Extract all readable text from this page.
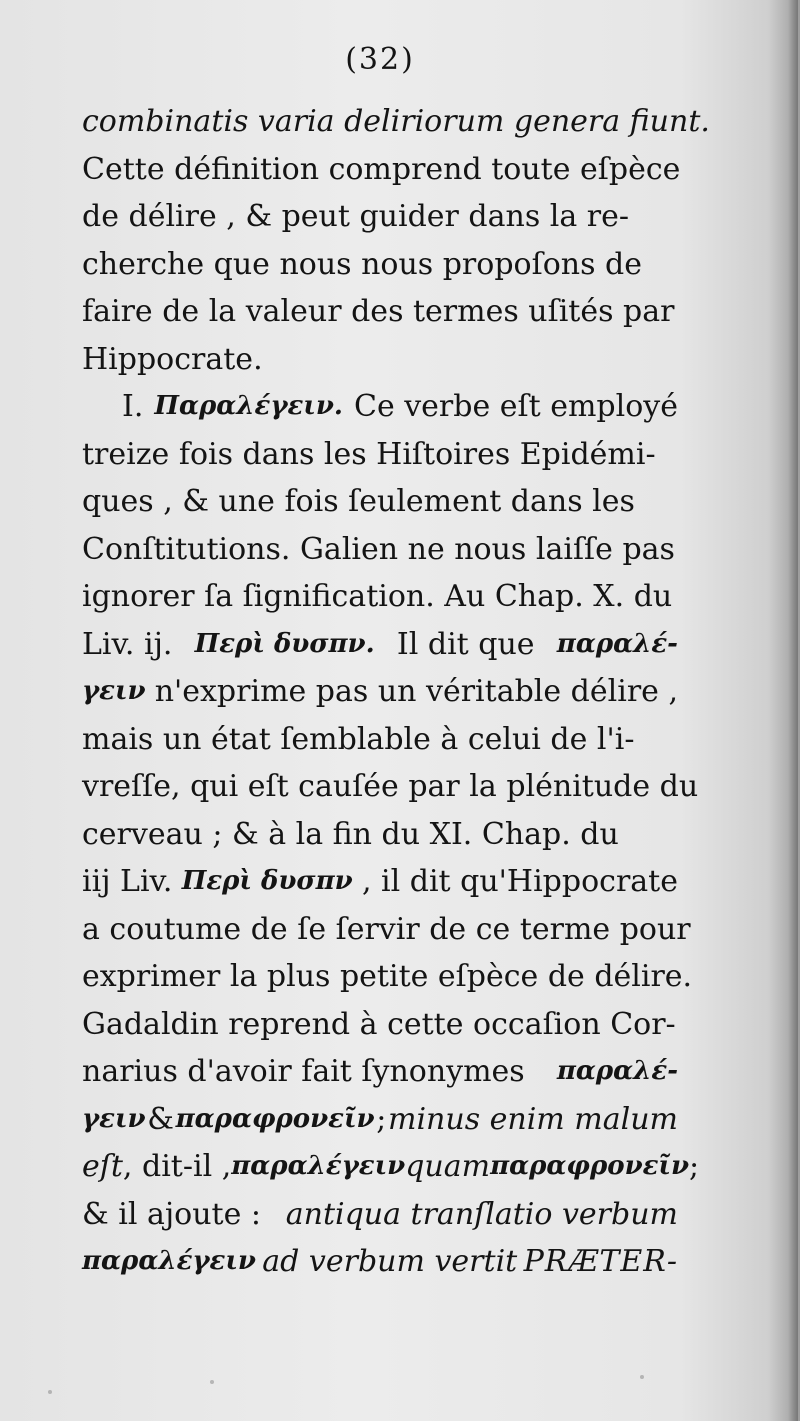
(32)
combinatis varia deliriorum genera fiunt.
Cette définition comprend toute eſpèce
de délire , & peut guider dans la re-
cherche que nous nous propoſons de
faire de la valeur des termes uſités par
Hippocrate.
I. Παραλέγειν. Ce verbe eſt employé
treize fois dans les Hiſtoires Epidémi-
ques , & une fois ſeulement dans les
Conſtitutions. Galien ne nous laiſſe pas
ignorer ſa ſignification. Au Chap. X. du
Liv. ij. Περὶ δυσπν. Il dit que παραλέ-
γειν n'exprime pas un véritable délire ,
mais un état ſemblable à celui de l'i-
vreſſe, qui eſt cauſée par la plénitude du
cerveau ; & à la fin du XI. Chap. du
iij Liv. Περὶ δυσπν , il dit qu'Hippocrate
a coutume de ſe ſervir de ce terme pour
exprimer la plus petite eſpèce de délire.
Gadaldin reprend à cette occaſion Cor-
narius d'avoir fait ſynonymes παραλέ-
γειν & παραφρονεῖν ; minus enim malum
eſt , dit-il , παραλέγειν quam παραφρονεῖν ;
& il ajoute : antiqua tranſlatio verbum
παραλέγειν ad verbum vertit PRÆTER-
